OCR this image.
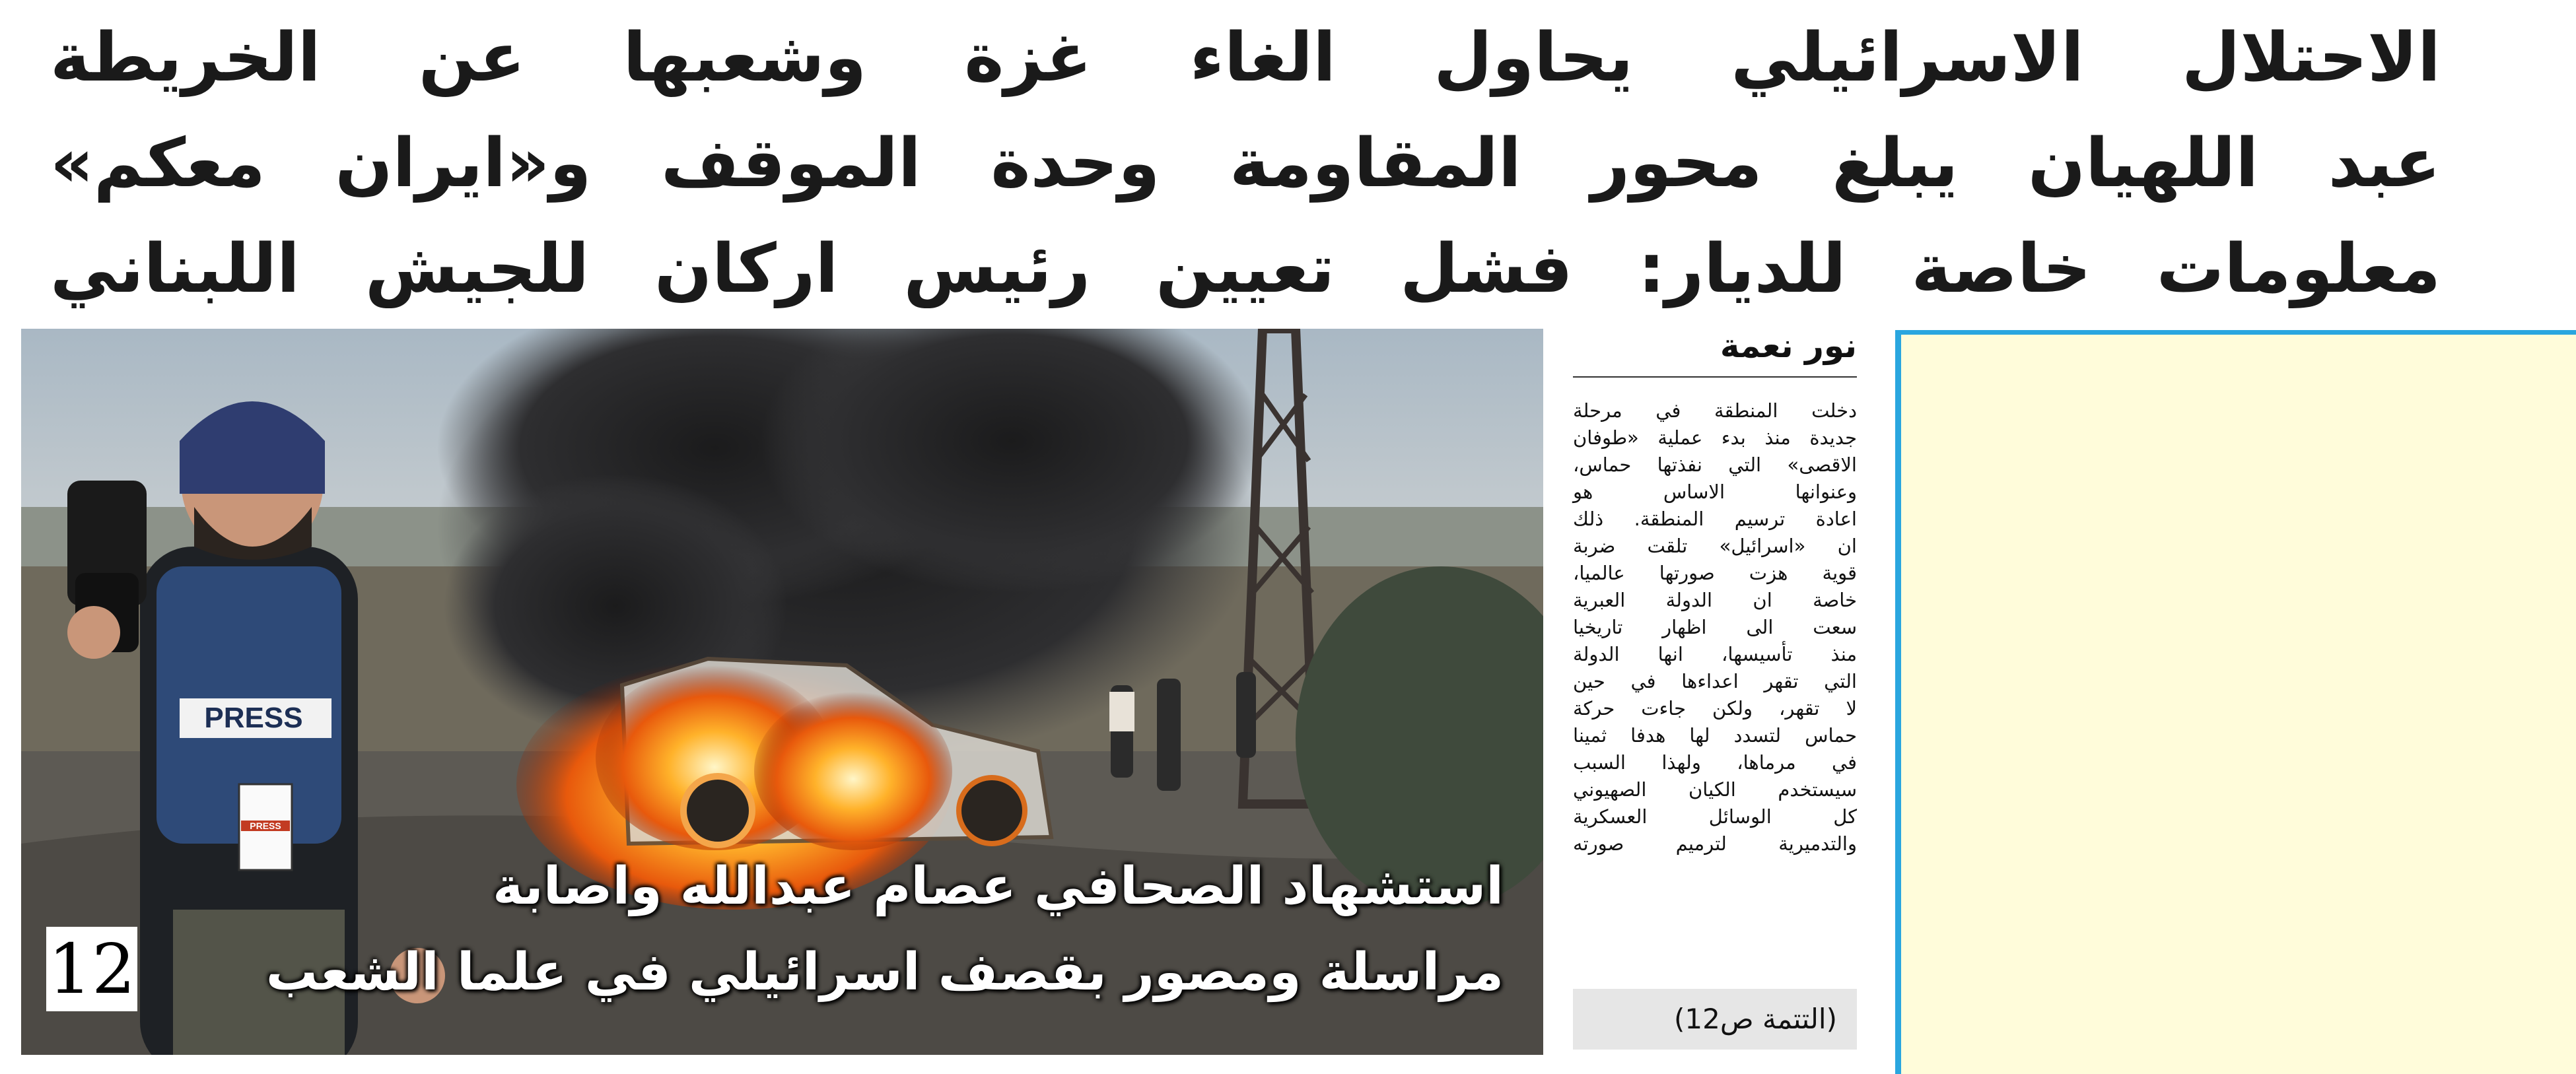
الاحتلال الاسرائيلي يحاول الغاء غزة وشعبها عن الخريطة
عبد اللهيان يبلغ محور المقاومة وحدة الموقف و«ايران معكم»
معلومات خاصة للديار: فشل تعيين رئيس اركان للجيش اللبناني
PRESS
PRESS
استشهاد الصحافي عصام عبدالله واصابة
مراسلة ومصور بقصف اسرائيلي في علما الشعب
12
نور نعمة
دخلت المنطقة في مرحلة
جديدة منذ بدء عملية «طوفان
الاقصى» التي نفذتها حماس،
وعنوانها الاساس هو
اعادة ترسيم المنطقة. ذلك
ان «اسرائيل» تلقت ضربة
قوية هزت صورتها عالميا،
خاصة ان الدولة العبرية
سعت الى اظهار تاريخيا
منذ تأسيسها، انها الدولة
التي تقهر اعداءها في حين
لا تقهر، ولكن جاءت حركة
حماس لتسدد لها هدفا ثمينا
في مرماها، ولهذا السبب
سيستخدم الكيان الصهيوني
كل الوسائل العسكرية
والتدميرية لترميم صورته
(التتمة ص12)
